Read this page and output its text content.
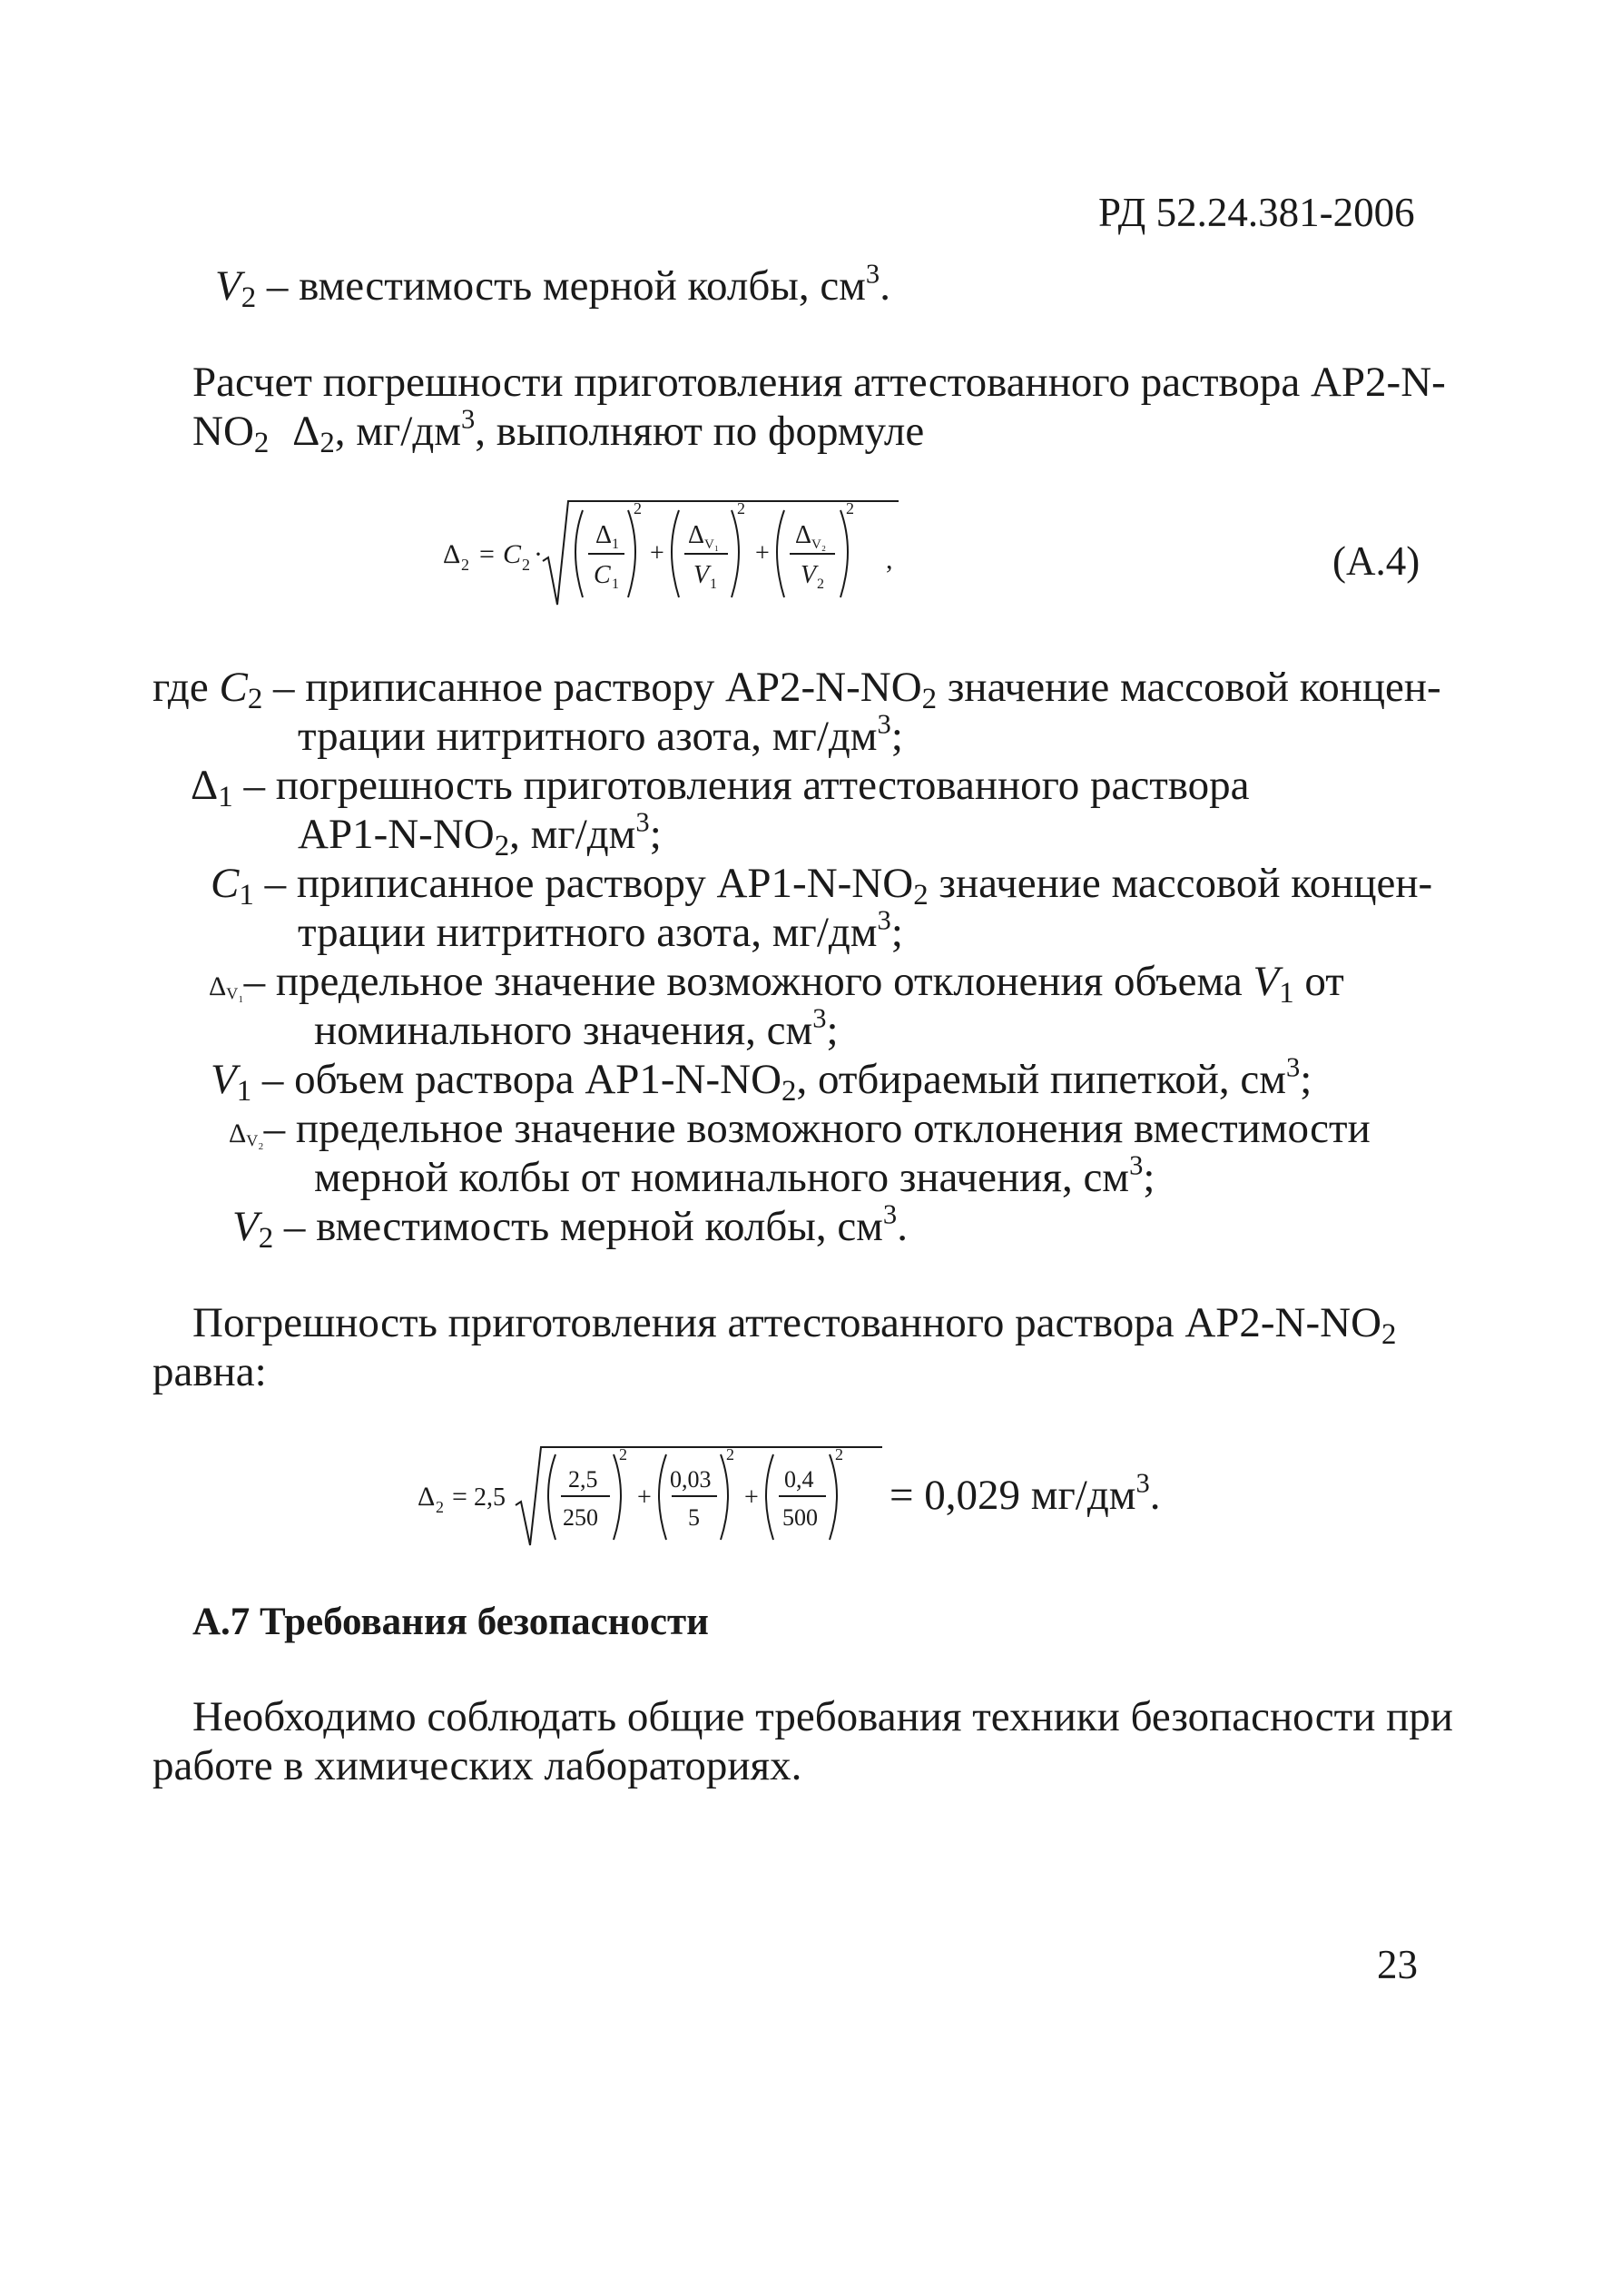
РД 52.24.381-2006
$V_2$ – вместимость мерной колбы, $см^3$.
Расчет погрешности приготовления аттестованного раствора АР2-N-
$NO_2$ $\Delta_2$, $мг/дм^3$, выполняют по формуле
Δ 2 = C 2 ·
Δ 1
C 1
2
+
Δ V₁
V 1
2
+
Δ V₂
V 2
2
,	(А.4)
где $C_2$ – приписанное раствору $АР2-N-NO_2$ значение массовой концен-
трации нитритного азота, $мг/дм^3$;
$\Delta_1$ – погрешность приготовления аттестованного раствора
$АР1-N-NO_2$, $мг/дм^3$;
$C_1$ – приписанное раствору $АР1-N-NO_2$ значение массовой концен-
трации нитритного азота, $мг/дм^3$;
$\Delta_{V_1}-$ предельное значение возможного отклонения объема $V_1$ от
номинального значения, $см^3$;
$V_1$ – объем раствора $АР1-N-NO_2$, отбираемый пипеткой, $см^3$;
$\Delta_{V_2}-$ предельное значение возможного отклонения вместимости
мерной колбы от номинального значения, $см^3$;
$V_2$ – вместимость мерной колбы, $см^3$.
Погрешность приготовления аттестованного раствора $АР2-N-NO_2$
равна:
Δ 2 = 2,5
2,5
250
2
+
0,03
5
2
+
0,4
500
2
= 0,029 $мг/дм^3$.
А.7 Требования безопасности
Необходимо соблюдать общие требования техники безопасности при
работе в химических лабораториях.
23
